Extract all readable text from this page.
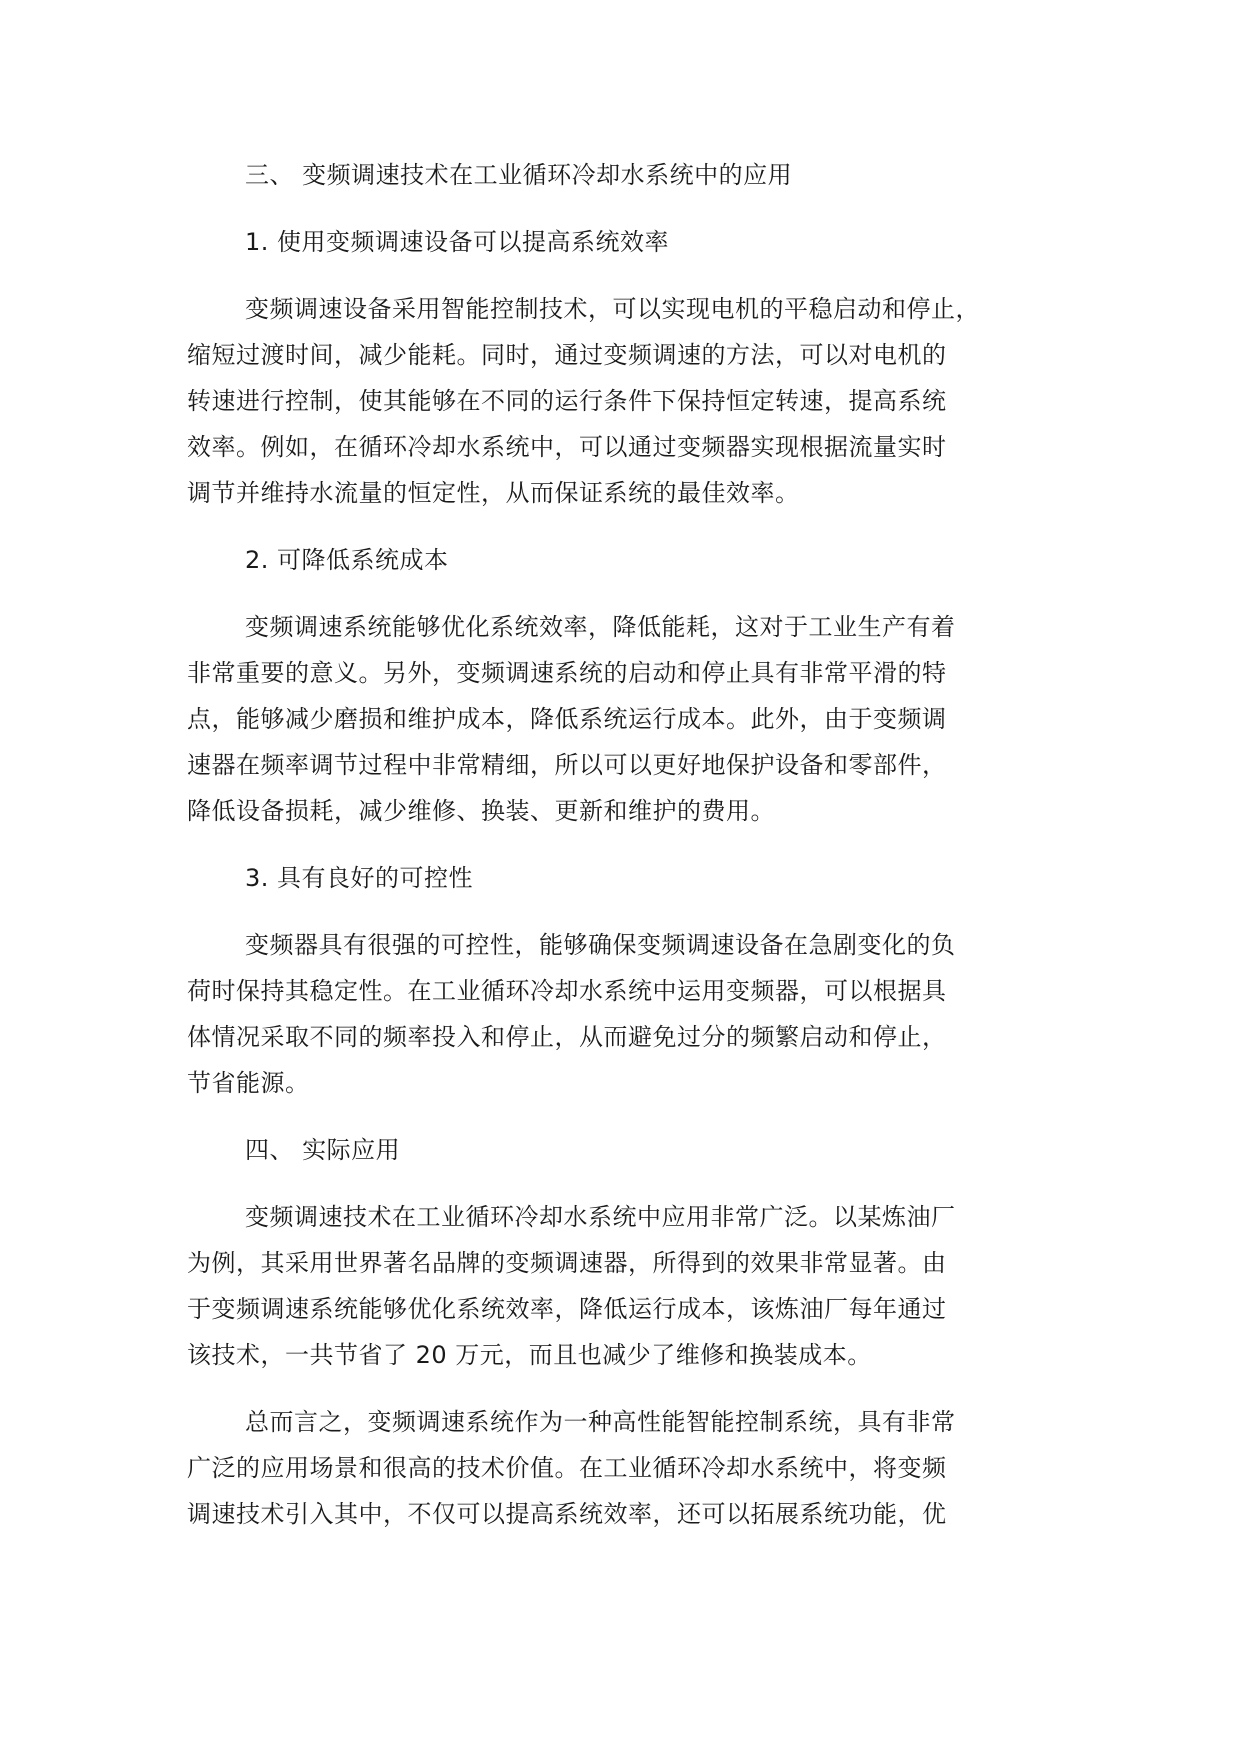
三、 变频调速技术在工业循环冷却水系统中的应用
1. 使用变频调速设备可以提高系统效率
变频调速设备采用智能控制技术，可以实现电机的平稳启动和停止，
缩短过渡时间，减少能耗。同时，通过变频调速的方法，可以对电机的
转速进行控制，使其能够在不同的运行条件下保持恒定转速，提高系统
效率。例如，在循环冷却水系统中，可以通过变频器实现根据流量实时
调节并维持水流量的恒定性，从而保证系统的最佳效率。
2. 可降低系统成本
变频调速系统能够优化系统效率，降低能耗，这对于工业生产有着
非常重要的意义。另外，变频调速系统的启动和停止具有非常平滑的特
点，能够减少磨损和维护成本，降低系统运行成本。此外，由于变频调
速器在频率调节过程中非常精细，所以可以更好地保护设备和零部件，
降低设备损耗，减少维修、换装、更新和维护的费用。
3. 具有良好的可控性
变频器具有很强的可控性，能够确保变频调速设备在急剧变化的负
荷时保持其稳定性。在工业循环冷却水系统中运用变频器，可以根据具
体情况采取不同的频率投入和停止，从而避免过分的频繁启动和停止，
节省能源。
四、 实际应用
变频调速技术在工业循环冷却水系统中应用非常广泛。以某炼油厂
为例，其采用世界著名品牌的变频调速器，所得到的效果非常显著。由
于变频调速系统能够优化系统效率，降低运行成本，该炼油厂每年通过
该技术，一共节省了 20 万元，而且也减少了维修和换装成本。
总而言之，变频调速系统作为一种高性能智能控制系统，具有非常
广泛的应用场景和很高的技术价值。在工业循环冷却水系统中，将变频
调速技术引入其中，不仅可以提高系统效率，还可以拓展系统功能，优
